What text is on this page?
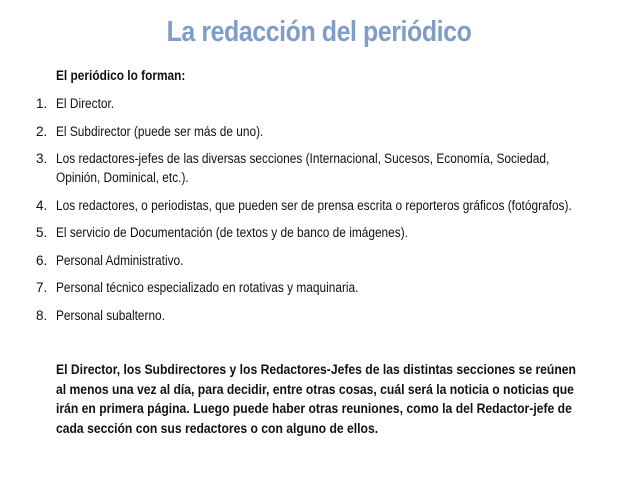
La redacción del periódico
El periódico lo forman:
1. El Director.
2. El Subdirector (puede ser más de uno).
3. Los redactores-jefes de las diversas secciones (Internacional, Sucesos, Economía, Sociedad, Opinión, Dominical, etc.).
4. Los redactores, o periodistas, que pueden ser de prensa escrita o reporteros gráficos (fotógrafos).
5. El servicio de Documentación (de textos y de banco de imágenes).
6. Personal Administrativo.
7. Personal técnico especializado en rotativas y maquinaria.
8. Personal subalterno.
El Director, los Subdirectores y los Redactores-Jefes de las distintas secciones se reúnen al menos una vez al día, para decidir, entre otras cosas, cuál será la noticia o noticias que irán en primera página. Luego puede haber otras reuniones, como la del Redactor-jefe de cada sección con sus redactores o con alguno de ellos.
